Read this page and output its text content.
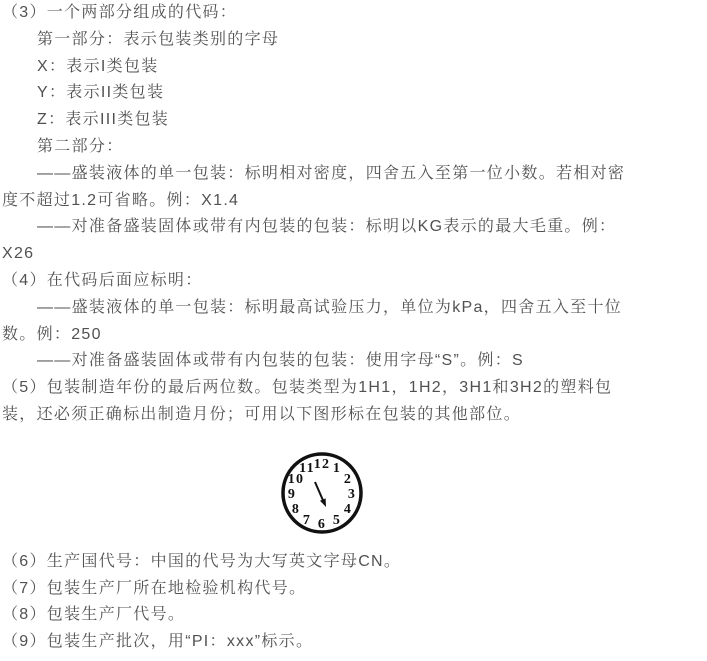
（3）一个两部分组成的代码：
第一部分：表示包装类别的字母
X：表示I类包装
Y：表示II类包装
Z：表示III类包装
第二部分：
——盛装液体的单一包装：标明相对密度，四舍五入至第一位小数。若相对密
度不超过1.2可省略。例：X1.4
——对准备盛装固体或带有内包装的包装：标明以KG表示的最大毛重。例：
X26
（4）在代码后面应标明：
——盛装液体的单一包装：标明最高试验压力，单位为kPa，四舍五入至十位
数。例：250
——对准备盛装固体或带有内包装的包装：使用字母“S”。例：S
（5）包装制造年份的最后两位数。包装类型为1H1，1H2，3H1和3H2的塑料包
装，还必须正确标出制造月份；可用以下图形标在包装的其他部位。
1
2
3
4
5
6
7
8
9
10
11
12
（6）生产国代号：中国的代号为大写英文字母CN。
（7）包装生产厂所在地检验机构代号。
（8）包装生产厂代号。
（9）包装生产批次，用“PI：xxx”标示。
